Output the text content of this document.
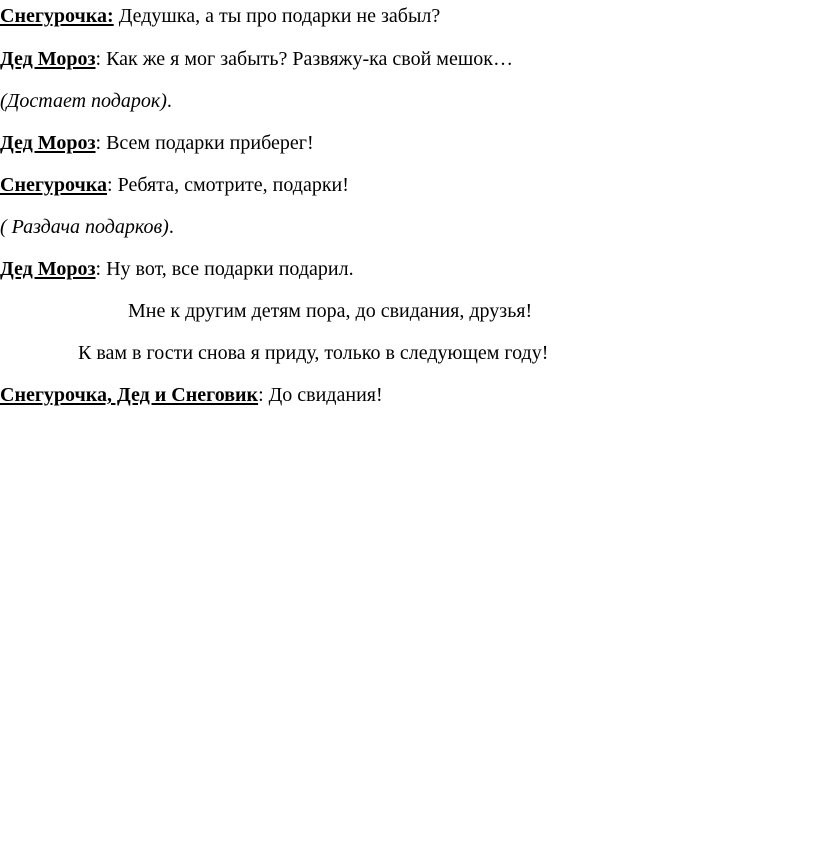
Снегурочка: Дедушка, а ты про подарки не забыл?
Дед Мороз: Как же я мог забыть? Развяжу-ка свой мешок…
(Достает подарок).
Дед Мороз: Всем подарки приберег!
Снегурочка: Ребята, смотрите, подарки!
( Раздача подарков).
Дед Мороз: Ну вот, все подарки подарил.
Мне к другим детям пора, до свидания, друзья!
К вам в гости снова я приду, только в следующем году!
Снегурочка, Дед и Снеговик: До свидания!
